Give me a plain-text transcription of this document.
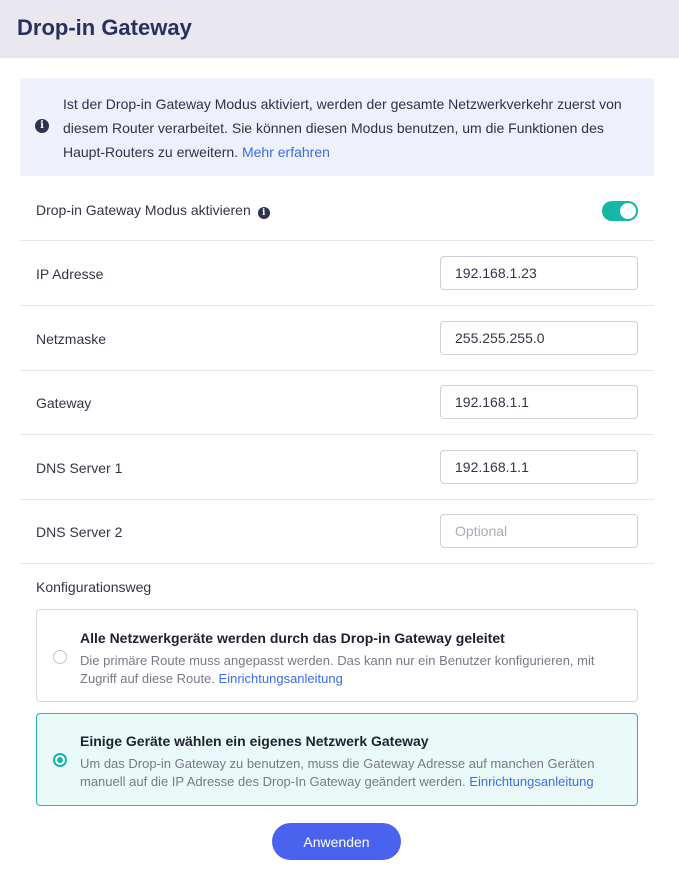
Drop-in Gateway
i
Ist der Drop-in Gateway Modus aktiviert, werden der gesamte Netzwerkverkehr zuerst von diesem Router verarbeitet. Sie können diesen Modus benutzen, um die Funktionen des Haupt-Routers zu erweitern. Mehr erfahren
Drop-in Gateway Modus aktivieren i
IP Adresse
192.168.1.23
Netzmaske
255.255.255.0
Gateway
192.168.1.1
DNS Server 1
192.168.1.1
DNS Server 2
Optional
Konfigurationsweg
Alle Netzwerkgeräte werden durch das Drop-in Gateway geleitet
Die primäre Route muss angepasst werden. Das kann nur ein Benutzer konfigurieren, mit Zugriff auf diese Route. Einrichtungsanleitung
Einige Geräte wählen ein eigenes Netzwerk Gateway
Um das Drop-in Gateway zu benutzen, muss die Gateway Adresse auf manchen Geräten manuell auf die IP Adresse des Drop-In Gateway geändert werden. Einrichtungsanleitung
Anwenden
